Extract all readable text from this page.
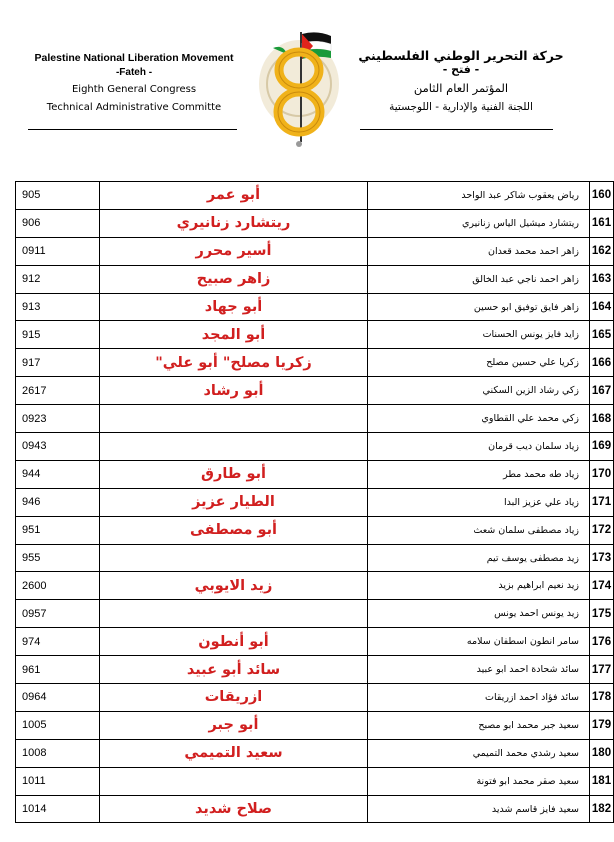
Palestine National Liberation Movement
-Fateh -
Eighth General Congress
Technical Administrative Committe
حركة التحرير الوطني الفلسطيني
- فتح -
المؤتمر العام الثامن
اللجنة الفنية والإدارية - اللوجستية
905	أبو عمر	رياض يعقوب شاكر عبد الواحد	160
906	ريتشارد زنانيري	ريتشارد ميشيل الياس زنانيري	161
0911	أسير محرر	زاهر احمد محمد قعدان	162
912	زاهر صبيح	زاهر احمد ناجي عبد الخالق	163
913	أبو جهاد	زاهر فايق توفيق ابو حسين	164
915	أبو المجد	زايد فايز يونس الحسنات	165
917	زكريا مصلح" أبو علي"	زكريا علي حسين مصلح	166
2617	أبو رشاد	زكي رشاد الزين السكني	167
0923		زكي محمد علي القطاوي	168
0943		زياد سلمان ديب قرمان	169
944	أبو طارق	زياد طه محمد مطر	170
946	الطيار عزيز	زياد علي عزيز البدا	171
951	أبو مصطفى	زياد مصطفى سلمان شعث	172
955		زيد مصطفى يوسف تيم	173
2600	زيد الايوبي	زيد نعيم ابراهيم بزيد	174
0957		زيد يونس احمد يونس	175
974	أبو أنطون	سامر انطون اسطفان سلامه	176
961	سائد أبو عبيد	سائد شحادة احمد ابو عبيد	177
0964	ازريقات	سائد فؤاد احمد ازريقات	178
1005	أبو جبر	سعيد جبر محمد ابو مصبح	179
1008	سعيد التميمي	سعيد رشدي محمد التميمي	180
1011		سعيد صقر محمد ابو فتونة	181
1014	صلاح شديد	سعيد فايز قاسم شديد	182
